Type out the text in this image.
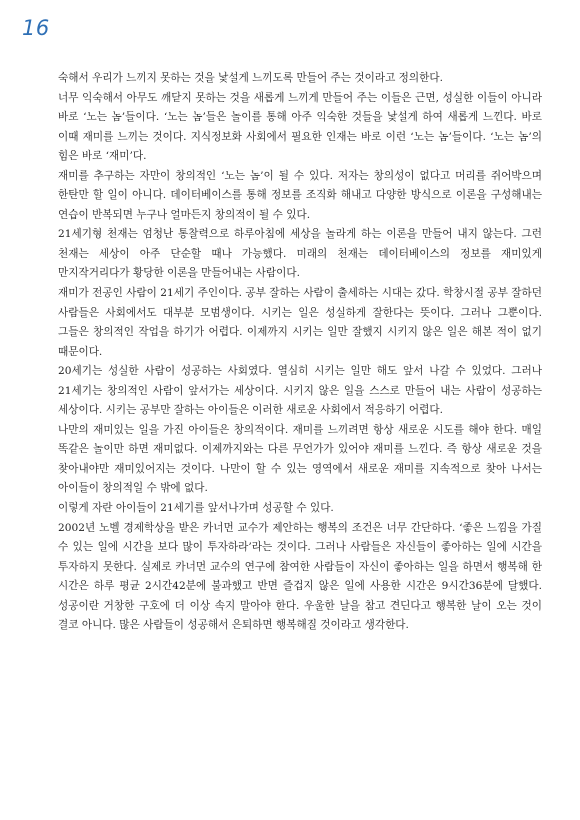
16

숙해서 우리가 느끼지 못하는 것을 낯설게 느끼도록 만들어 주는 것이라고 정의한다.

너무 익숙해서 아무도 깨닫지 못하는 것을 새롭게 느끼게 만들어 주는 이들은 근면, 성실한 이들이 아니라 바로 ‘노는 놈’들이다. ‘노는 놈’들은 놀이를 통해 아주 익숙한 것들을 낯설게 하여 새롭게 느낀다. 바로 이때 재미를 느끼는 것이다. 지식정보화 사회에서 필요한 인재는 바로 이런 ‘노는 놈’들이다. ‘노는 놈’의 힘은 바로 ‘재미’다.

재미를 추구하는 자만이 창의적인 ‘노는 놈’이 될 수 있다. 저자는 창의성이 없다고 머리를 쥐어박으며 한탄만 할 일이 아니다. 데이터베이스를 통해 정보를 조직화 해내고 다양한 방식으로 이론을 구성해내는 연습이 반복되면 누구나 얼마든지 창의적이 될 수 있다.

21세기형 천재는 엄청난 통찰력으로 하루아침에 세상을 놀라게 하는 이론을 만들어 내지 않는다. 그런 천재는 세상이 아주 단순할 때나 가능했다. 미래의 천재는 데이터베이스의 정보를 재미있게 만지작거리다가 황당한 이론을 만들어내는 사람이다.

재미가 전공인 사람이 21세기 주인이다. 공부 잘하는 사람이 출세하는 시대는 갔다. 학창시절 공부 잘하던 사람들은 사회에서도 대부분 모범생이다. 시키는 일은 성실하게 잘한다는 뜻이다. 그러나 그뿐이다. 그들은 창의적인 작업을 하기가 어렵다. 이제까지 시키는 일만 잘했지 시키지 않은 일은 해본 적이 없기 때문이다.

20세기는 성실한 사람이 성공하는 사회였다. 열심히 시키는 일만 해도 앞서 나갈 수 있었다. 그러나 21세기는 창의적인 사람이 앞서가는 세상이다. 시키지 않은 일을 스스로 만들어 내는 사람이 성공하는 세상이다. 시키는 공부만 잘하는 아이들은 이러한 새로운 사회에서 적응하기 어렵다.

나만의 재미있는 일을 가진 아이들은 창의적이다. 재미를 느끼려면 항상 새로운 시도를 해야 한다. 매일 똑같은 놀이만 하면 재미없다. 이제까지와는 다른 무언가가 있어야 재미를 느낀다. 즉 항상 새로운 것을 찾아내야만 재미있어지는 것이다. 나만이 할 수 있는 영역에서 새로운 재미를 지속적으로 찾아 나서는 아이들이 창의적일 수 밖에 없다.

이렇게 자란 아이들이 21세기를 앞서나가며 성공할 수 있다.

2002년 노벨 경제학상을 받은 카너먼 교수가 제안하는 행복의 조건은 너무 간단하다. ‘좋은 느낌을 가질 수 있는 일에 시간을 보다 많이 투자하라’라는 것이다. 그러나 사람들은 자신들이 좋아하는 일에 시간을 투자하지 못한다. 실제로 카너먼 교수의 연구에 참여한 사람들이 자신이 좋아하는 일을 하면서 행복해 한 시간은 하루 평균 2시간42분에 불과했고 반면 즐겁지 않은 일에 사용한 시간은 9시간36분에 달했다. 성공이란 거창한 구호에 더 이상 속지 말아야 한다. 우울한 날을 참고 견딘다고 행복한 날이 오는 것이 결코 아니다. 많은 사람들이 성공해서 은퇴하면 행복해질 것이라고 생각한다.
